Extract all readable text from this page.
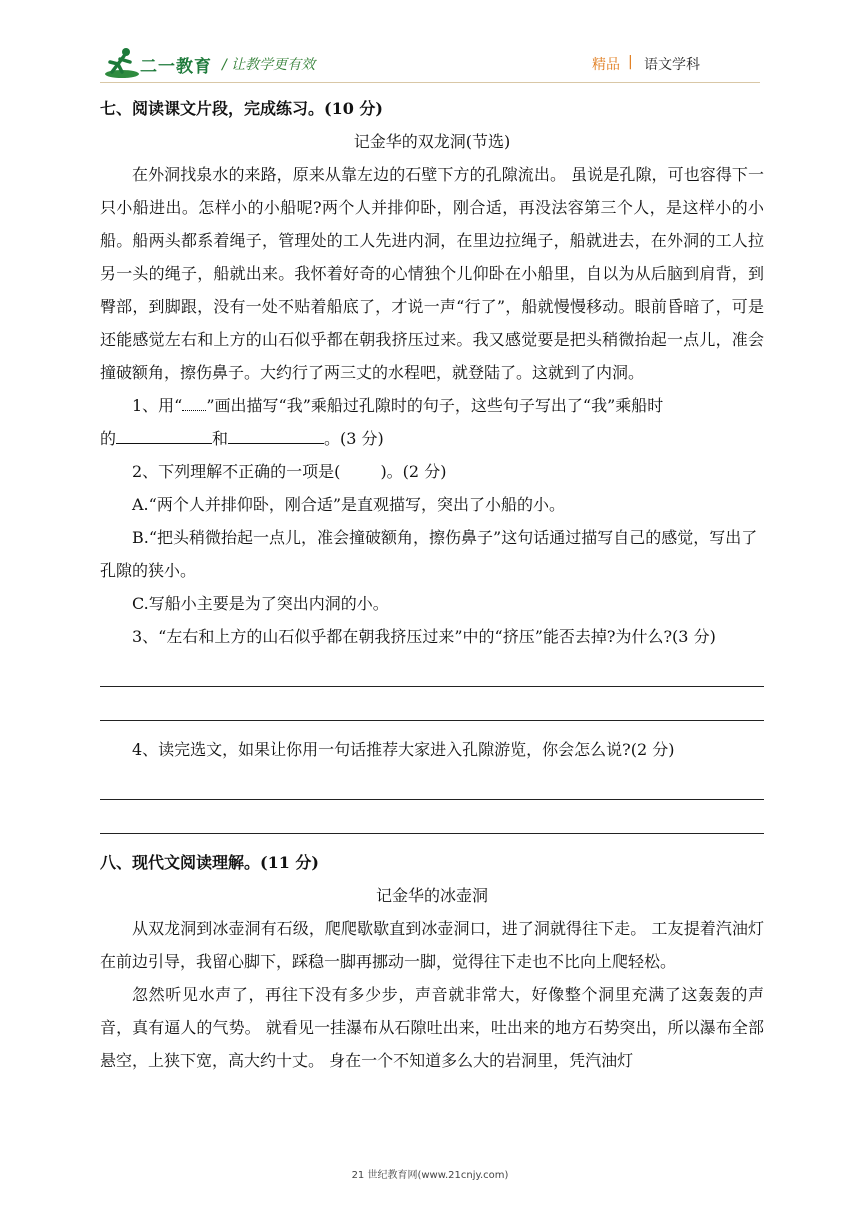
二一教育 / 让教学更有效	精品 | 语文学科

七、阅读课文片段，完成练习。(10 分)

记金华的双龙洞(节选)

在外洞找泉水的来路，原来从靠左边的石壁下方的孔隙流出。 虽说是孔隙，可也容得下一只小船进出。怎样小的小船呢?两个人并排仰卧，刚合适，再没法容第三个人，是这样小的小船。船两头都系着绳子，管理处的工人先进内洞，在里边拉绳子，船就进去，在外洞的工人拉另一头的绳子，船就出来。我怀着好奇的心情独个儿仰卧在小船里，自以为从后脑到肩背，到臀部，到脚跟，没有一处不贴着船底了，才说一声“行了”，船就慢慢移动。眼前昏暗了，可是还能感觉左右和上方的山石似乎都在朝我挤压过来。我又感觉要是把头稍微抬起一点儿，准会撞破额角，擦伤鼻子。大约行了两三丈的水程吧，就登陆了。这就到了内洞。

1、用“ ”画出描写“我”乘船过孔隙时的句子，这些句子写出了“我”乘船时

的	和	。(3 分)

2、下列理解不正确的一项是(	)。(2 分)

A.“两个人并排仰卧，刚合适”是直观描写，突出了小船的小。

B.“把头稍微抬起一点儿，准会撞破额角，擦伤鼻子”这句话通过描写自己的感觉，写出了孔隙的狭小。

C.写船小主要是为了突出内洞的小。

3、“左右和上方的山石似乎都在朝我挤压过来”中的“挤压”能否去掉?为什么?(3 分)

4、读完选文，如果让你用一句话推荐大家进入孔隙游览，你会怎么说?(2 分)

八、现代文阅读理解。(11 分)

记金华的冰壶洞

从双龙洞到冰壶洞有石级，爬爬歇歇直到冰壶洞口，进了洞就得往下走。 工友提着汽油灯在前边引导，我留心脚下，踩稳一脚再挪动一脚，觉得往下走也不比向上爬轻松。

忽然听见水声了，再往下没有多少步，声音就非常大，好像整个洞里充满了这轰轰的声音，真有逼人的气势。 就看见一挂瀑布从石隙吐出来，吐出来的地方石势突出，所以瀑布全部悬空，上狭下宽，高大约十丈。 身在一个不知道多么大的岩洞里，凭汽油灯

21 世纪教育网(www.21cnjy.com)
